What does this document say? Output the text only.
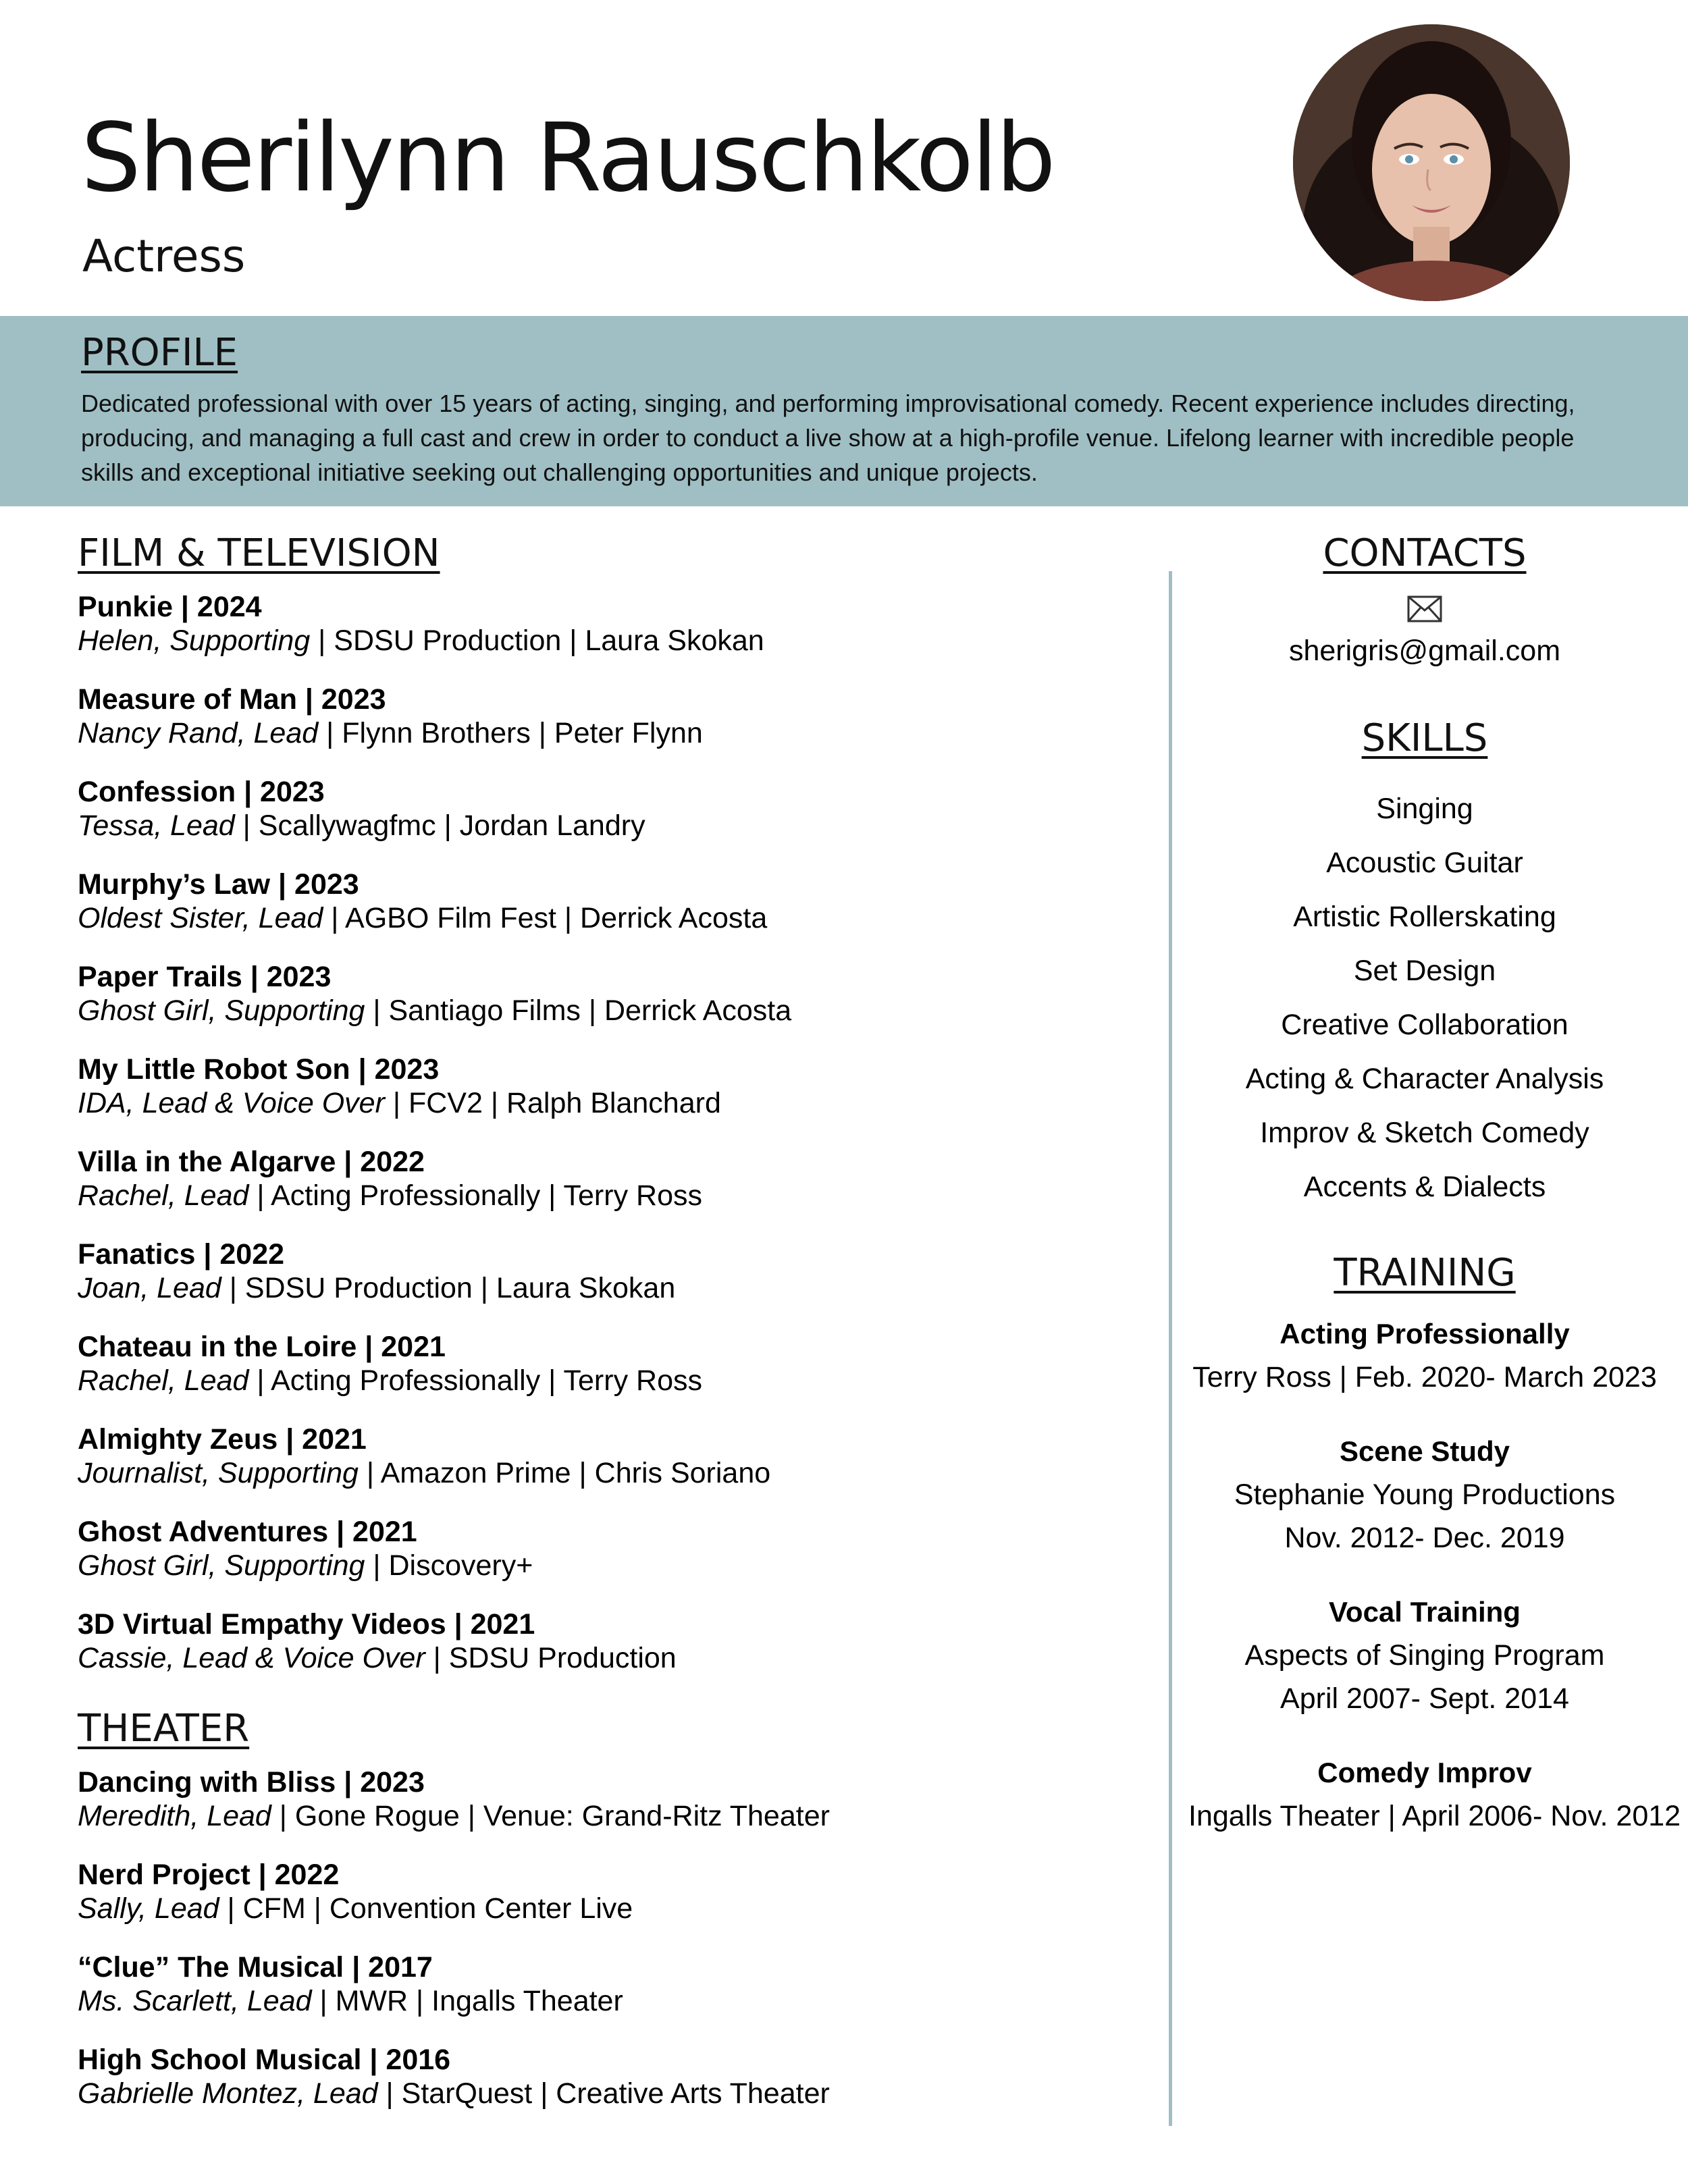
Sherilynn Rauschkolb
Actress
PROFILE

Dedicated professional with over 15 years of acting, singing, and performing improvisational comedy. Recent experience includes directing, producing, and managing a full cast and crew in order to conduct a live show at a high-profile venue. Lifelong learner with incredible people skills and exceptional initiative seeking out challenging opportunities and unique projects.

FILM & TELEVISION
Punkie | 2024
Helen, Supporting | SDSU Production | Laura Skokan
Measure of Man | 2023
Nancy Rand, Lead | Flynn Brothers | Peter Flynn
Confession | 2023
Tessa, Lead | Scallywagfmc | Jordan Landry
Murphy’s Law | 2023
Oldest Sister, Lead | AGBO Film Fest | Derrick Acosta
Paper Trails | 2023
Ghost Girl, Supporting | Santiago Films | Derrick Acosta
My Little Robot Son | 2023
IDA, Lead & Voice Over | FCV2 | Ralph Blanchard
Villa in the Algarve | 2022
Rachel, Lead | Acting Professionally | Terry Ross
Fanatics | 2022
Joan, Lead | SDSU Production | Laura Skokan
Chateau in the Loire | 2021
Rachel, Lead | Acting Professionally | Terry Ross
Almighty Zeus | 2021
Journalist, Supporting | Amazon Prime | Chris Soriano
Ghost Adventures | 2021
Ghost Girl, Supporting | Discovery+
3D Virtual Empathy Videos | 2021
Cassie, Lead & Voice Over | SDSU Production
THEATER
Dancing with Bliss | 2023
Meredith, Lead | Gone Rogue | Venue: Grand-Ritz Theater
Nerd Project | 2022
Sally, Lead | CFM | Convention Center Live
“Clue” The Musical | 2017
Ms. Scarlett, Lead | MWR | Ingalls Theater
High School Musical | 2016
Gabrielle Montez, Lead | StarQuest | Creative Arts Theater
CONTACTS
sherigris@gmail.com
SKILLS
Singing
Acoustic Guitar
Artistic Rollerskating
Set Design
Creative Collaboration
Acting & Character Analysis
Improv & Sketch Comedy
Accents & Dialects
TRAINING
Acting Professionally
Terry Ross | Feb. 2020- March 2023
Scene Study
Stephanie Young Productions
Nov. 2012- Dec. 2019
Vocal Training
Aspects of Singing Program
April 2007- Sept. 2014
Comedy Improv
Ingalls Theater | April 2006- Nov. 2012
